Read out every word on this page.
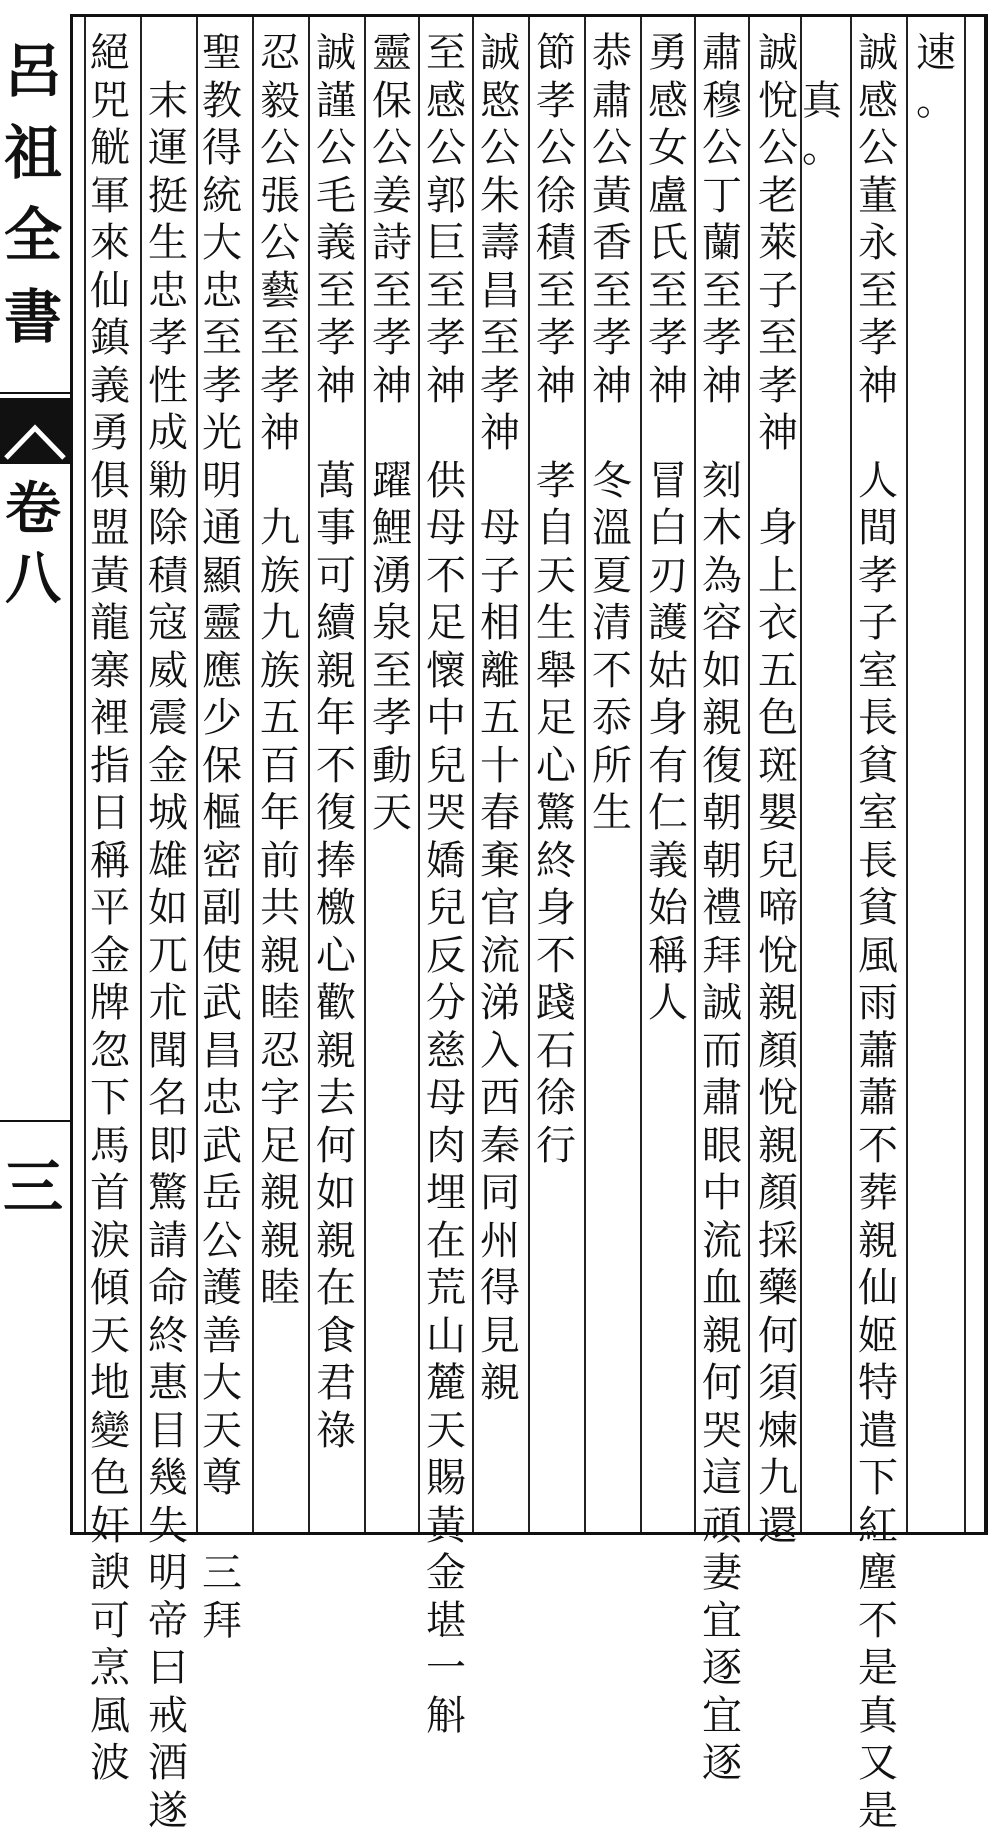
呂
祖
全
書
卷
八
三
速
。
誠
感
公
董
永
至
孝
神

人
間
孝
子
室
長
貧
室
長
貧
風
雨
蕭
蕭
不
葬
親
仙
姬
特
遣
下
紅
塵
不
是
真
又
是
真
。
誠
悅
公
老
萊
子
至
孝
神

身
上
衣
五
色
斑
嬰
兒
啼
悅
親
顏
悅
親
顏
採
藥
何
須
煉
九
還
肅
穆
公
丁
蘭
至
孝
神

刻
木
為
容
如
親
復
朝
朝
禮
拜
誠
而
肅
眼
中
流
血
親
何
哭
這
頑
妻
宜
逐
宜
逐
勇
感
女
盧
氏
至
孝
神

冒
白
刃
護
姑
身
有
仁
義
始
稱
人
恭
肅
公
黃
香
至
孝
神

冬
溫
夏
清
不
忝
所
生
節
孝
公
徐
積
至
孝
神

孝
自
天
生
舉
足
心
驚
終
身
不
踐
石
徐
行
誠
愍
公
朱
壽
昌
至
孝
神

母
子
相
離
五
十
春
棄
官
流
涕
入
西
秦
同
州
得
見
親
至
感
公
郭
巨
至
孝
神

供
母
不
足
懷
中
兒
哭
嬌
兒
反
分
慈
母
肉
埋
在
荒
山
麓
天
賜
黃
金
堪
一
斛
靈
保
公
姜
詩
至
孝
神

躍
鯉
湧
泉
至
孝
動
天
誠
謹
公
毛
義
至
孝
神

萬
事
可
續
親
年
不
復
捧
檄
心
歡
親
去
何
如
親
在
食
君
祿
忍
毅
公
張
公
藝
至
孝
神

九
族
九
族
五
百
年
前
共
親
睦
忍
字
足
親
親
睦
聖
教
得
統
大
忠
至
孝
光
明
通
顯
靈
應
少
保
樞
密
副
使
武
昌
忠
武
岳
公
護
善
大
天
尊

三
拜
末
運
挺
生
忠
孝
性
成
勦
除
積
寇
威
震
金
城
雄
如
兀
朮
聞
名
即
驚
請
命
終
惠
目
幾
失
明
帝
曰
戒
酒
遂
絕
兕
觥
軍
來
仙
鎮
義
勇
俱
盟
黃
龍
寨
裡
指
日
稱
平
金
牌
忽
下
馬
首
淚
傾
天
地
變
色
奸
諛
可
烹
風
波
